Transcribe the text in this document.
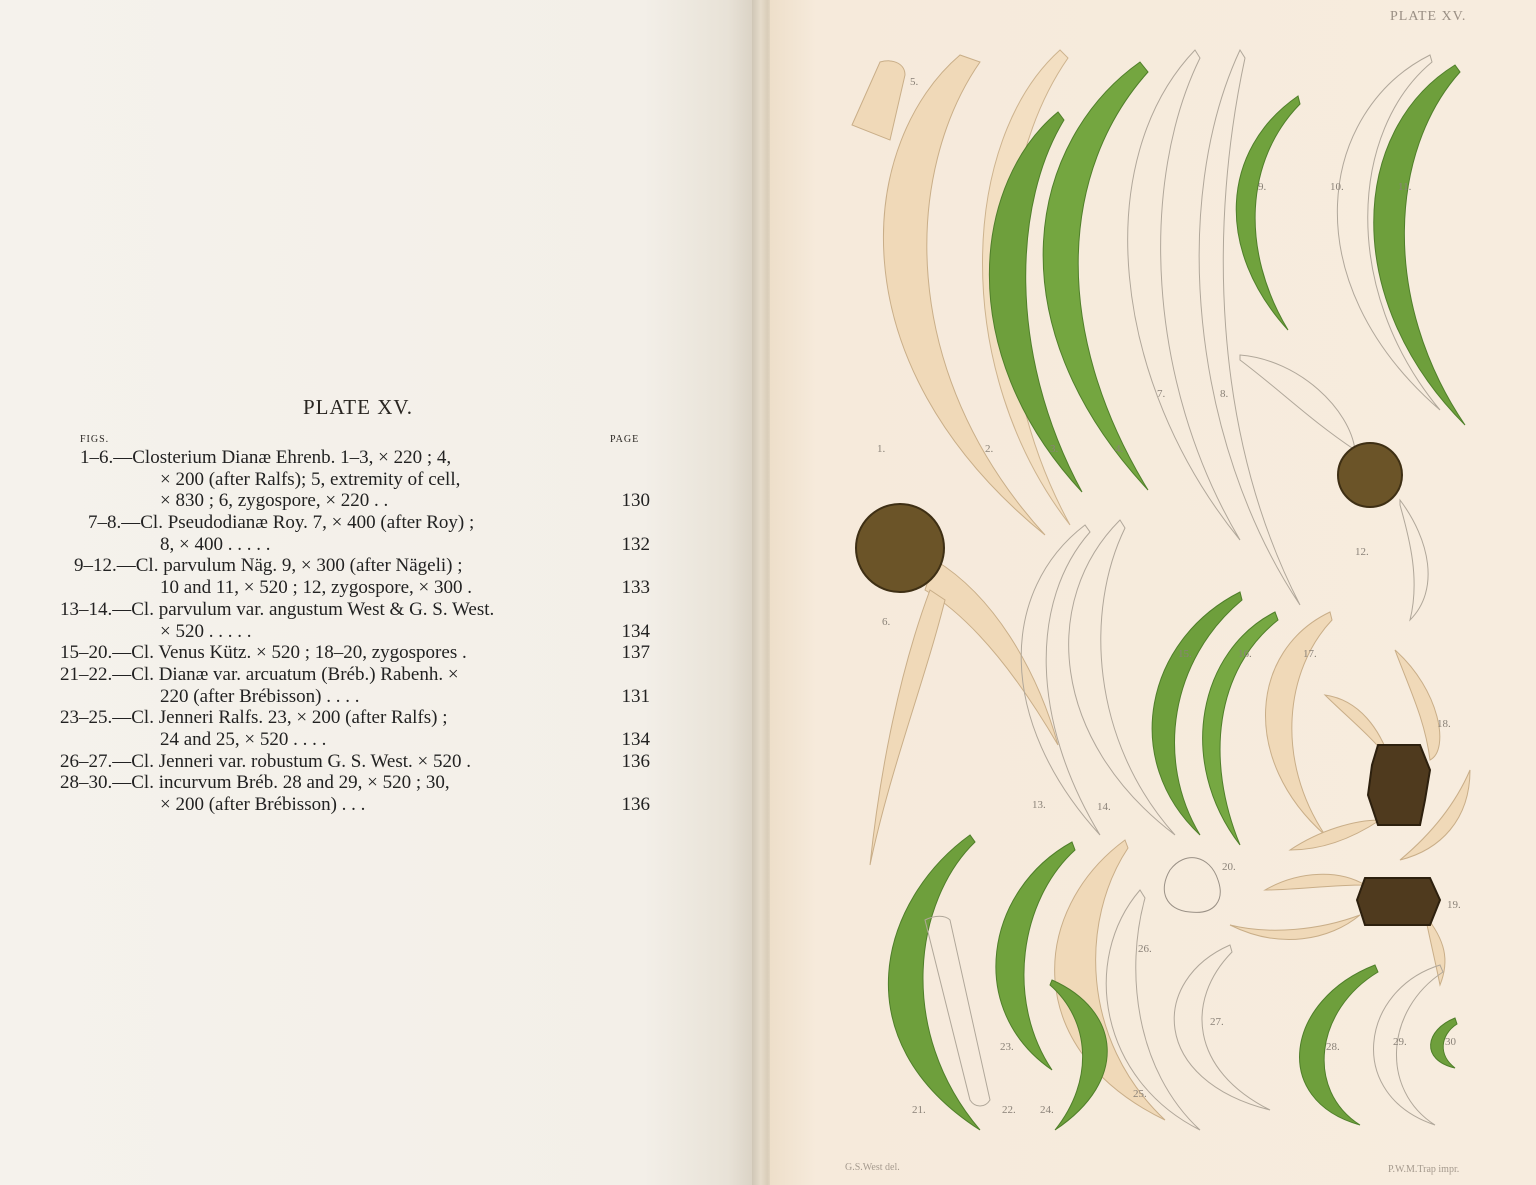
PLATE XV.
FIGS.	PAGE
1–6.—Closterium Dianæ Ehrenb. 1–3, × 220 ; 4,
× 200 (after Ralfs); 5, extremity of cell,
× 830 ; 6, zygospore, × 220 . .	130
7–8.—Cl. Pseudodianæ Roy. 7, × 400 (after Roy) ;
8, × 400 . . . . .	132
9–12.—Cl. parvulum Näg. 9, × 300 (after Nägeli) ;
10 and 11, × 520 ; 12, zygospore, × 300 .	133
13–14.—Cl. parvulum var. angustum West & G. S. West.
× 520 . . . . .	134
15–20.—Cl. Venus Kütz. × 520 ; 18–20, zygospores .	137
21–22.—Cl. Dianæ var. arcuatum (Bréb.) Rabenh. ×
220 (after Brébisson) . . . .	131
23–25.—Cl. Jenneri Ralfs. 23, × 200 (after Ralfs) ;
24 and 25, × 520 . . . .	134
26–27.—Cl. Jenneri var. robustum G. S. West. × 520 .	136
28–30.—Cl. incurvum Bréb. 28 and 29, × 520 ; 30,
× 200 (after Brébisson) . . .	136
PLATE XV.
1.	2.	3.	4.
5.
6.
7.	8.
9.	10.	11.
12.
13.	14.
15.	16.	17.
18.
19.
20.
21.	22.
23.
24.
25.
26.
27.
28.	29.	30
G.S.West del.	P.W.M.Trap impr.
